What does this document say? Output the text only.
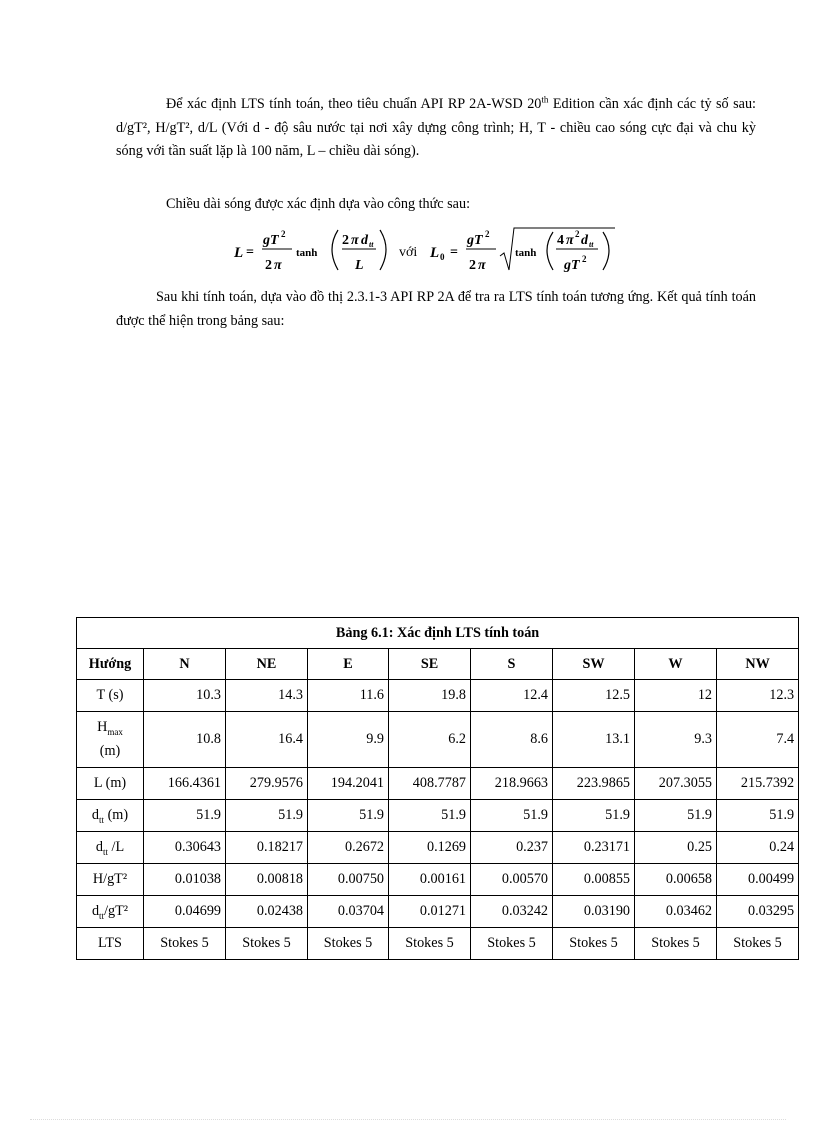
Để xác định LTS tính toán, theo tiêu chuẩn API RP 2A-WSD 20th Edition cần xác định các tỷ số sau: d/gT², H/gT², d/L (Với d - độ sâu nước tại nơi xây dựng công trình; H, T - chiều cao sóng cực đại và chu kỳ sóng với tần suất lặp là 100 năm, L – chiều dài sóng).

Chiều dài sóng được xác định dựa vào công thức sau:

L =
gT 2
2 π
tanh
2 π d tt
L
với L 0 =
gT 2
2 π
tanh
4 π 2 d tt
gT 2

Sau khi tính toán, dựa vào đồ thị 2.3.1-3 API RP 2A để tra ra LTS tính toán tương ứng. Kết quả tính toán được thể hiện trong bảng sau:

Bảng 6.1: Xác định LTS tính toán								
Hướng	N	NE	E	SE	S	SW	W	NW
T (s)	10.3	14.3	11.6	19.8	12.4	12.5	12	12.3
$H_{max}$
(m)	10.8	16.4	9.9	6.2	8.6	13.1	9.3	7.4
L (m)	166.4361	279.9576	194.2041	408.7787	218.9663	223.9865	207.3055	215.7392
$d_{tt}$ (m)	51.9	51.9	51.9	51.9	51.9	51.9	51.9	51.9
$d_{tt}$ /L	0.30643	0.18217	0.2672	0.1269	0.237	0.23171	0.25	0.24
H/gT²	0.01038	0.00818	0.00750	0.00161	0.00570	0.00855	0.00658	0.00499
$d_{tt}$/gT²	0.04699	0.02438	0.03704	0.01271	0.03242	0.03190	0.03462	0.03295
LTS	Stokes 5	Stokes 5	Stokes 5	Stokes 5	Stokes 5	Stokes 5	Stokes 5	Stokes 5
